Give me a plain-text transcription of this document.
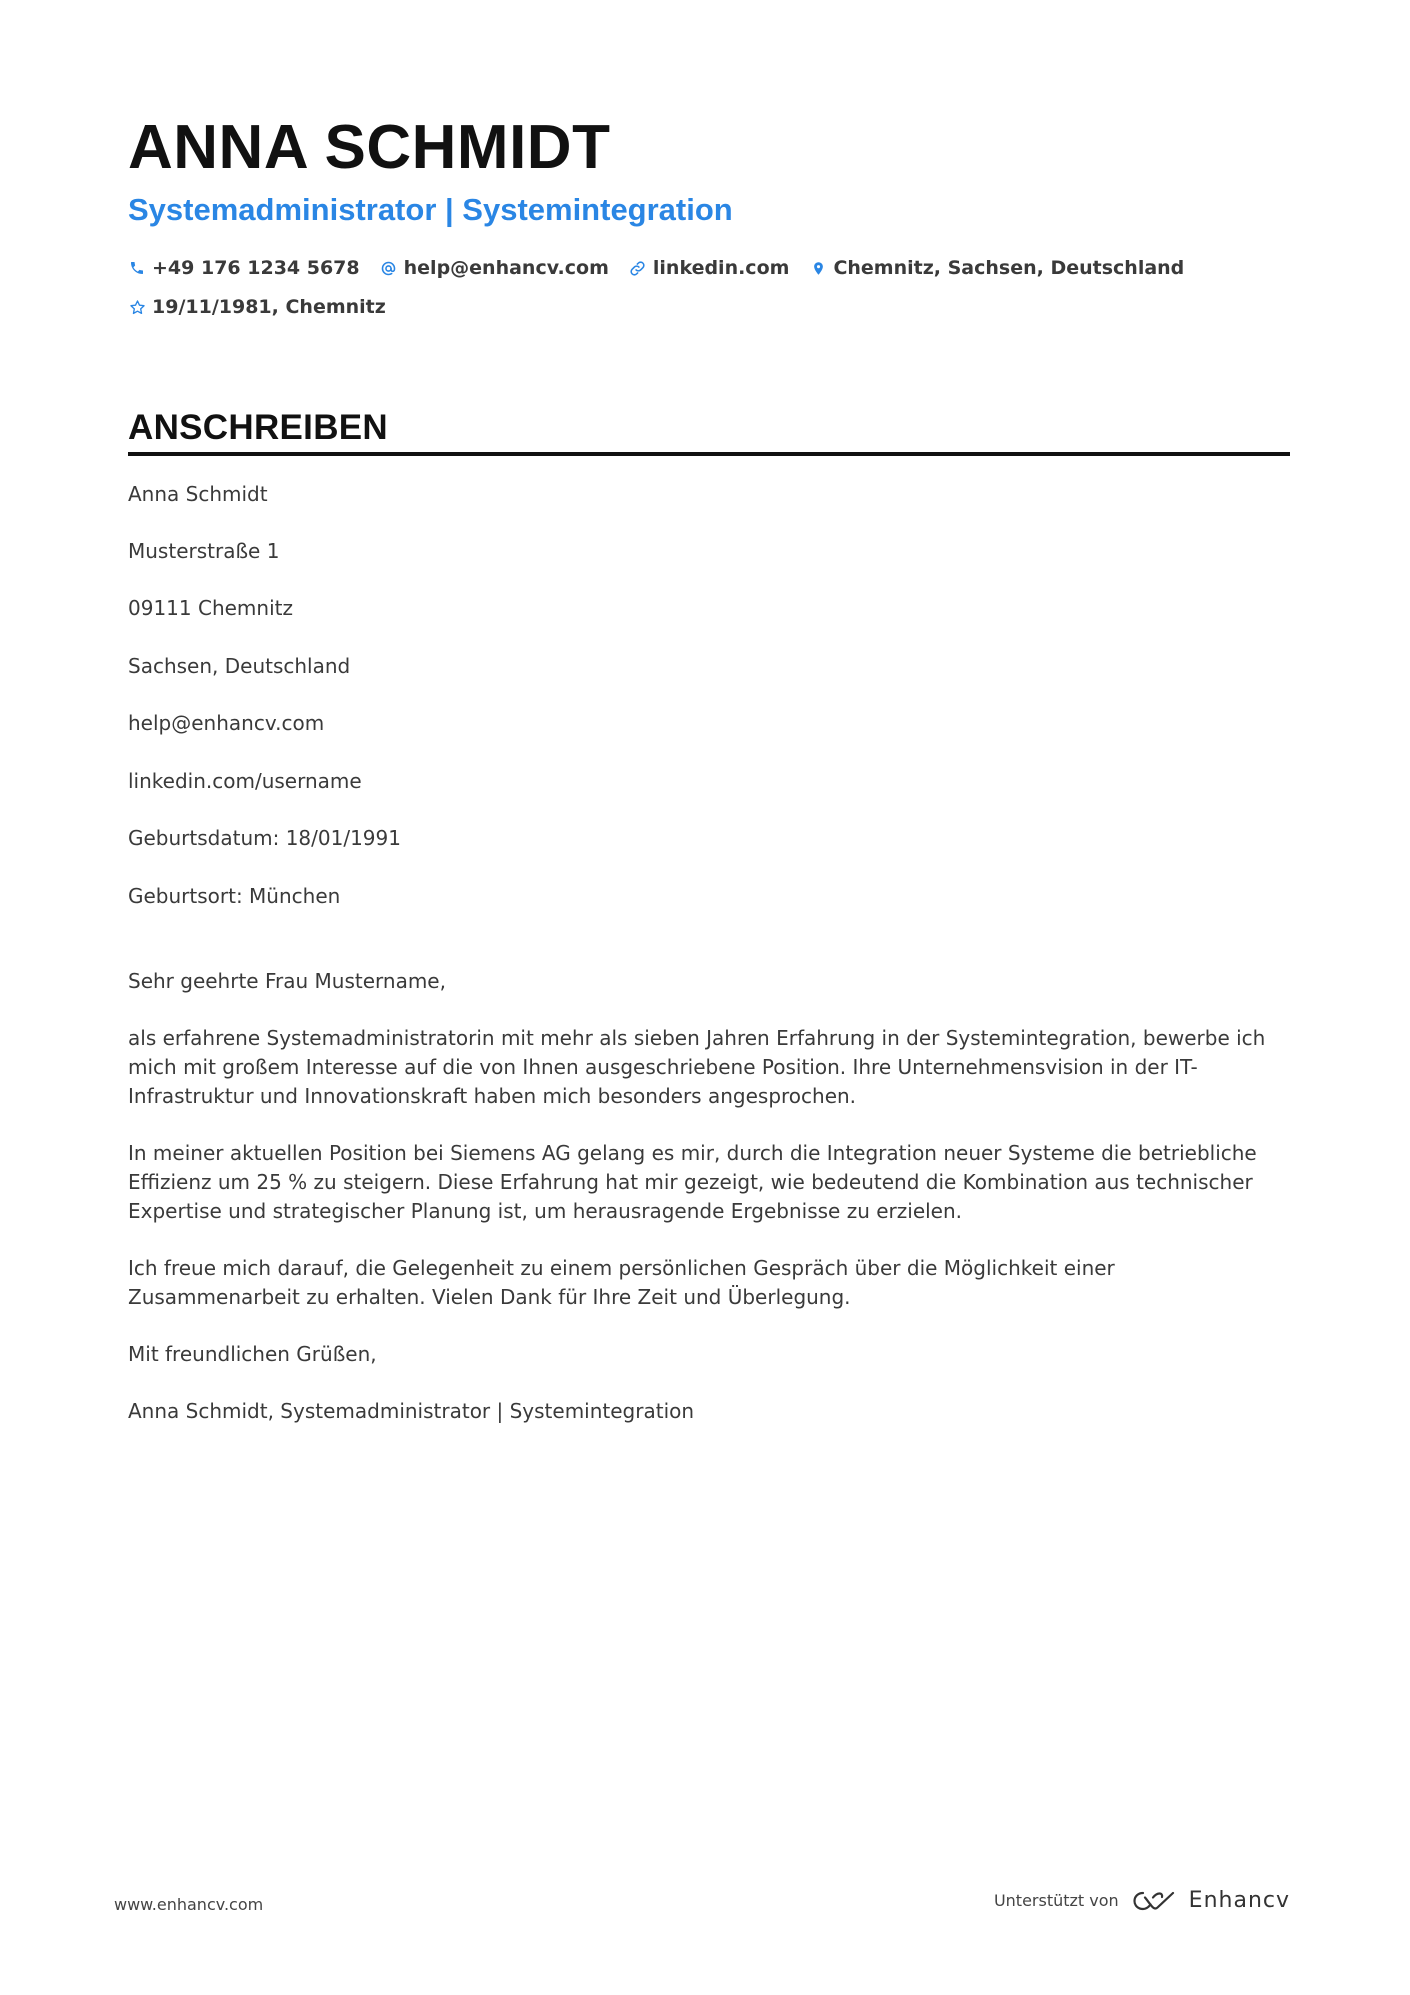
ANNA SCHMIDT
Systemadministrator | Systemintegration
+49 176 1234 5678 help@enhancv.com linkedin.com Chemnitz, Sachsen, Deutschland
19/11/1981, Chemnitz
ANSCHREIBEN
Anna Schmidt
Musterstraße 1
09111 Chemnitz
Sachsen, Deutschland
help@enhancv.com
linkedin.com/username
Geburtsdatum: 18/01/1991
Geburtsort: München
Sehr geehrte Frau Mustername,
als erfahrene Systemadministratorin mit mehr als sieben Jahren Erfahrung in der Systemintegration, bewerbe ich mich mit großem Interesse auf die von Ihnen ausgeschriebene Position. Ihre Unternehmensvision in der IT-Infrastruktur und Innovationskraft haben mich besonders angesprochen.
In meiner aktuellen Position bei Siemens AG gelang es mir, durch die Integration neuer Systeme die betriebliche Effizienz um 25 % zu steigern. Diese Erfahrung hat mir gezeigt, wie bedeutend die Kombination aus technischer Expertise und strategischer Planung ist, um herausragende Ergebnisse zu erzielen.
Ich freue mich darauf, die Gelegenheit zu einem persönlichen Gespräch über die Möglichkeit einer Zusammenarbeit zu erhalten. Vielen Dank für Ihre Zeit und Überlegung.
Mit freundlichen Grüßen,
Anna Schmidt, Systemadministrator | Systemintegration
www.enhancv.com	Unterstützt von	Enhancv
